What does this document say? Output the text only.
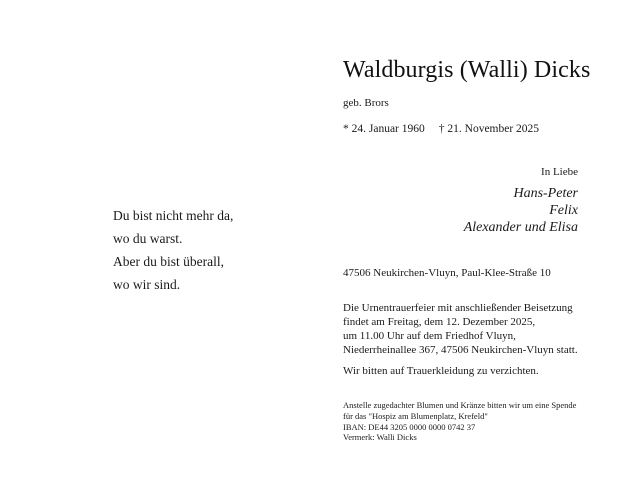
Du bist nicht mehr da,
wo du warst.
Aber du bist überall,
wo wir sind.
Waldburgis (Walli) Dicks
geb. Brors
* 24. Januar 1960 † 21. November 2025
In Liebe
Hans-Peter
Felix
Alexander und Elisa
47506 Neukirchen-Vluyn, Paul-Klee-Straße 10
Die Urnentrauerfeier mit anschließender Beisetzung
findet am Freitag, dem 12. Dezember 2025,
um 11.00 Uhr auf dem Friedhof Vluyn,
Niederrheinallee 367, 47506 Neukirchen-Vluyn statt.
Wir bitten auf Trauerkleidung zu verzichten.
Anstelle zugedachter Blumen und Kränze bitten wir um eine Spende
für das "Hospiz am Blumenplatz, Krefeld"
IBAN: DE44 3205 0000 0000 0742 37
Vermerk: Walli Dicks
